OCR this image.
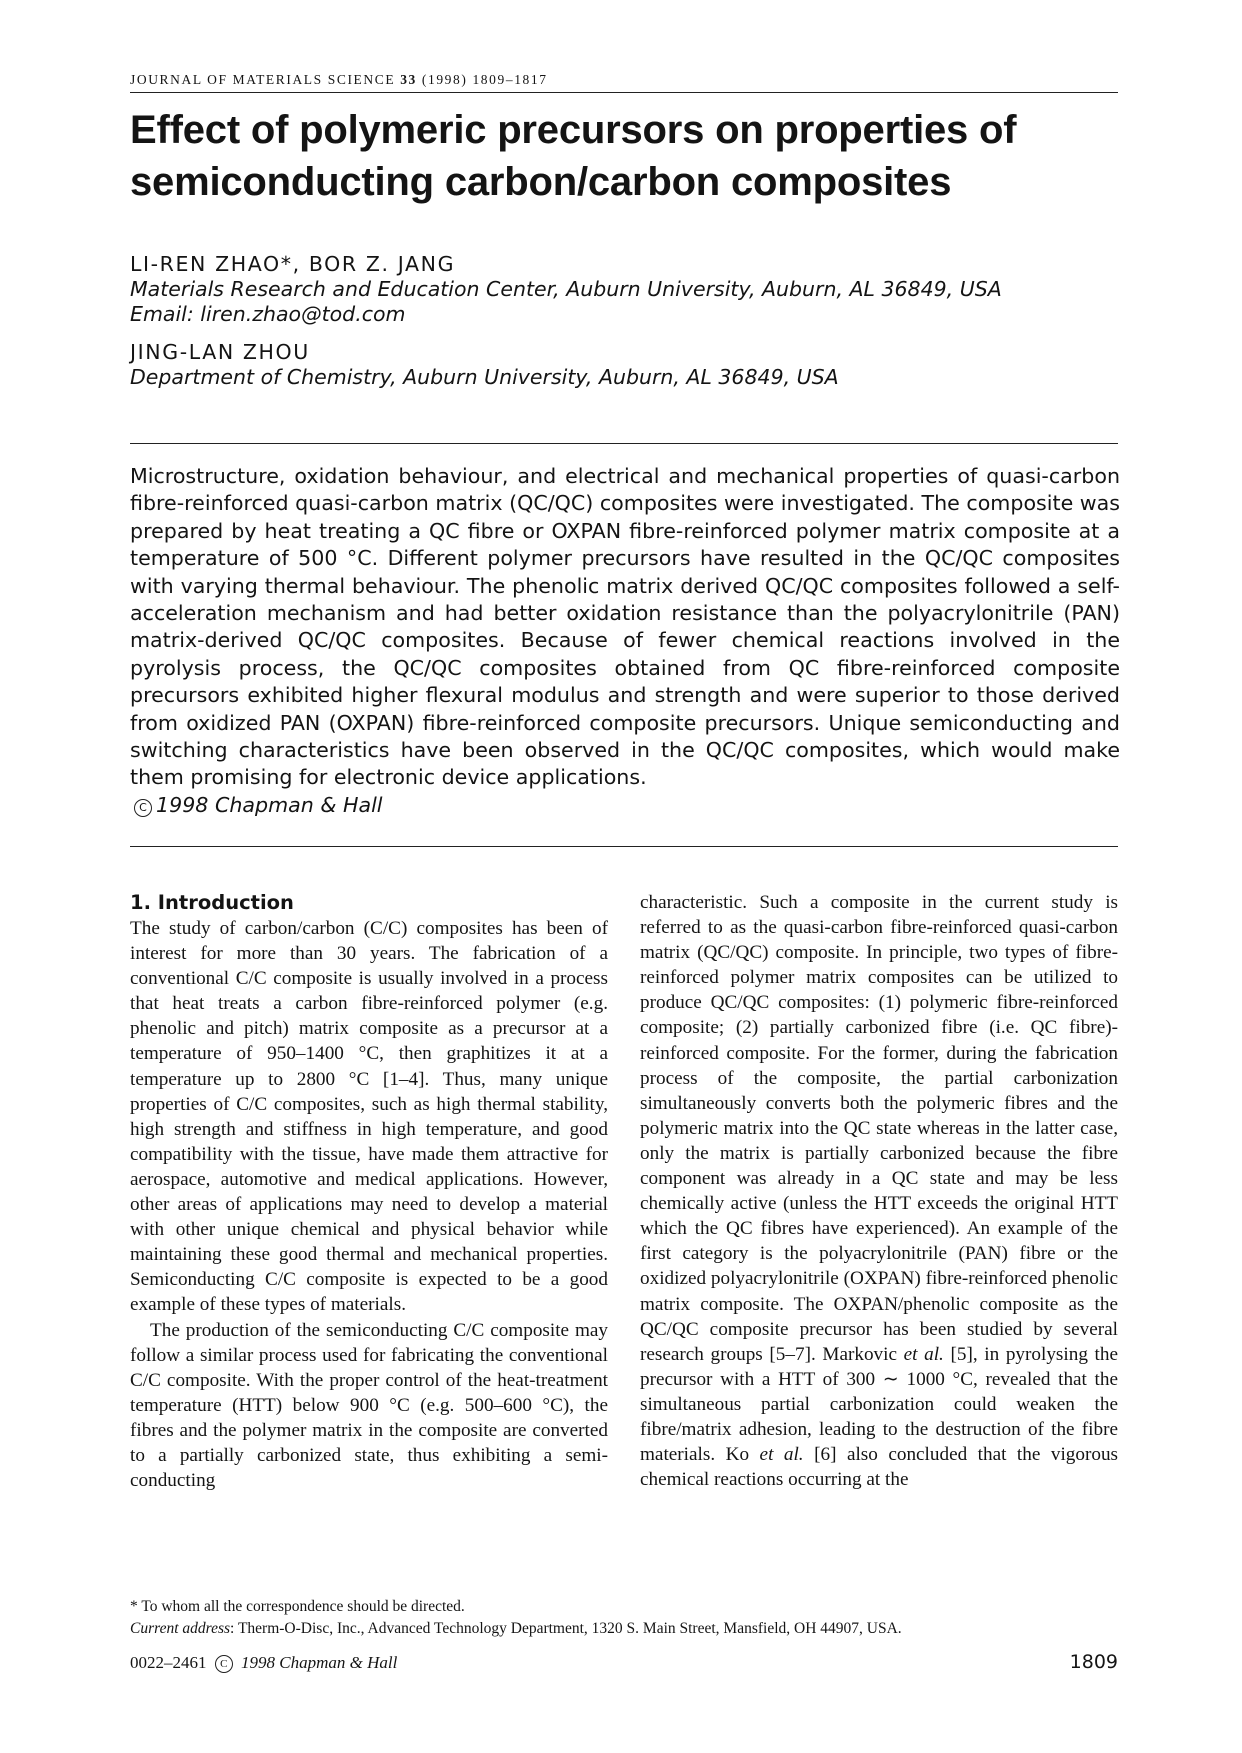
JOURNAL OF MATERIALS SCIENCE 33 (1998) 1809–1817
Effect of polymeric precursors on properties of
semiconducting carbon/carbon composites
LI-REN ZHAO*, BOR Z. JANG
Materials Research and Education Center, Auburn University, Auburn, AL 36849, USA
Email: liren.zhao@tod.com
JING-LAN ZHOU
Department of Chemistry, Auburn University, Auburn, AL 36849, USA
Microstructure, oxidation behaviour, and electrical and mechanical properties of quasi-carbon fibre-reinforced quasi-carbon matrix (QC/QC) composites were investigated. The composite was prepared by heat treating a QC fibre or OXPAN fibre-reinforced polymer matrix composite at a temperature of 500 °C. Different polymer precursors have resulted in the QC/QC composites with varying thermal behaviour. The phenolic matrix derived QC/QC composites followed a self-acceleration mechanism and had better oxidation resistance than the polyacrylonitrile (PAN) matrix-derived QC/QC composites. Because of fewer chemical reactions involved in the pyrolysis process, the QC/QC composites obtained from QC fibre-reinforced composite precursors exhibited higher flexural modulus and strength and were superior to those derived from oxidized PAN (OXPAN) fibre-reinforced composite precursors. Unique semiconducting and switching characteristics have been observed in the QC/QC composites, which would make them promising for electronic device applications.
C 1998 Chapman & Hall
1. Introduction

The study of carbon/carbon (C/C) composites has been of interest for more than 30 years. The fabrication of a conventional C/C composite is usually involved in a process that heat treats a carbon fibre-reinforced polymer (e.g. phenolic and pitch) matrix composite as a precursor at a temperature of 950–1400 °C, then graphitizes it at a temperature up to 2800 °C [1–4]. Thus, many unique properties of C/C composites, such as high thermal stability, high strength and stiffness in high temperature, and good compatibility with the tissue, have made them attractive for aerospace, automotive and medical applications. However, other areas of applications may need to develop a material with other unique chemical and physical behavior while maintaining these good thermal and mechanical properties. Semiconducting C/C composite is expected to be a good example of these types of materials.

The production of the semiconducting C/C composite may follow a similar process used for fabricating the conventional C/C composite. With the proper control of the heat-treatment temperature (HTT) below 900 °C (e.g. 500–600 °C), the fibres and the polymer matrix in the composite are converted to a partially carbonized state, thus exhibiting a semi-conducting

characteristic. Such a composite in the current study is referred to as the quasi-carbon fibre-reinforced quasi-carbon matrix (QC/QC) composite. In principle, two types of fibre-reinforced polymer matrix composites can be utilized to produce QC/QC composites: (1) polymeric fibre-reinforced composite; (2) partially carbonized fibre (i.e. QC fibre)-reinforced composite. For the former, during the fabrication process of the composite, the partial carbonization simultaneously converts both the polymeric fibres and the polymeric matrix into the QC state whereas in the latter case, only the matrix is partially carbonized because the fibre component was already in a QC state and may be less chemically active (unless the HTT exceeds the original HTT which the QC fibres have experienced). An example of the first category is the polyacrylonitrile (PAN) fibre or the oxidized polyacrylonitrile (OXPAN) fibre-reinforced phenolic matrix composite. The OXPAN/phenolic composite as the QC/QC composite precursor has been studied by several research groups [5–7]. Markovic et al. [5], in pyrolysing the precursor with a HTT of 300 ∼ 1000 °C, revealed that the simultaneous partial carbonization could weaken the fibre/matrix adhesion, leading to the destruction of the fibre materials. Ko et al. [6] also concluded that the vigorous chemical reactions occurring at the

* To whom all the correspondence should be directed.
Current address: Therm-O-Disc, Inc., Advanced Technology Department, 1320 S. Main Street, Mansfield, OH 44907, USA.
0022–2461 C 1998 Chapman & Hall	1809
